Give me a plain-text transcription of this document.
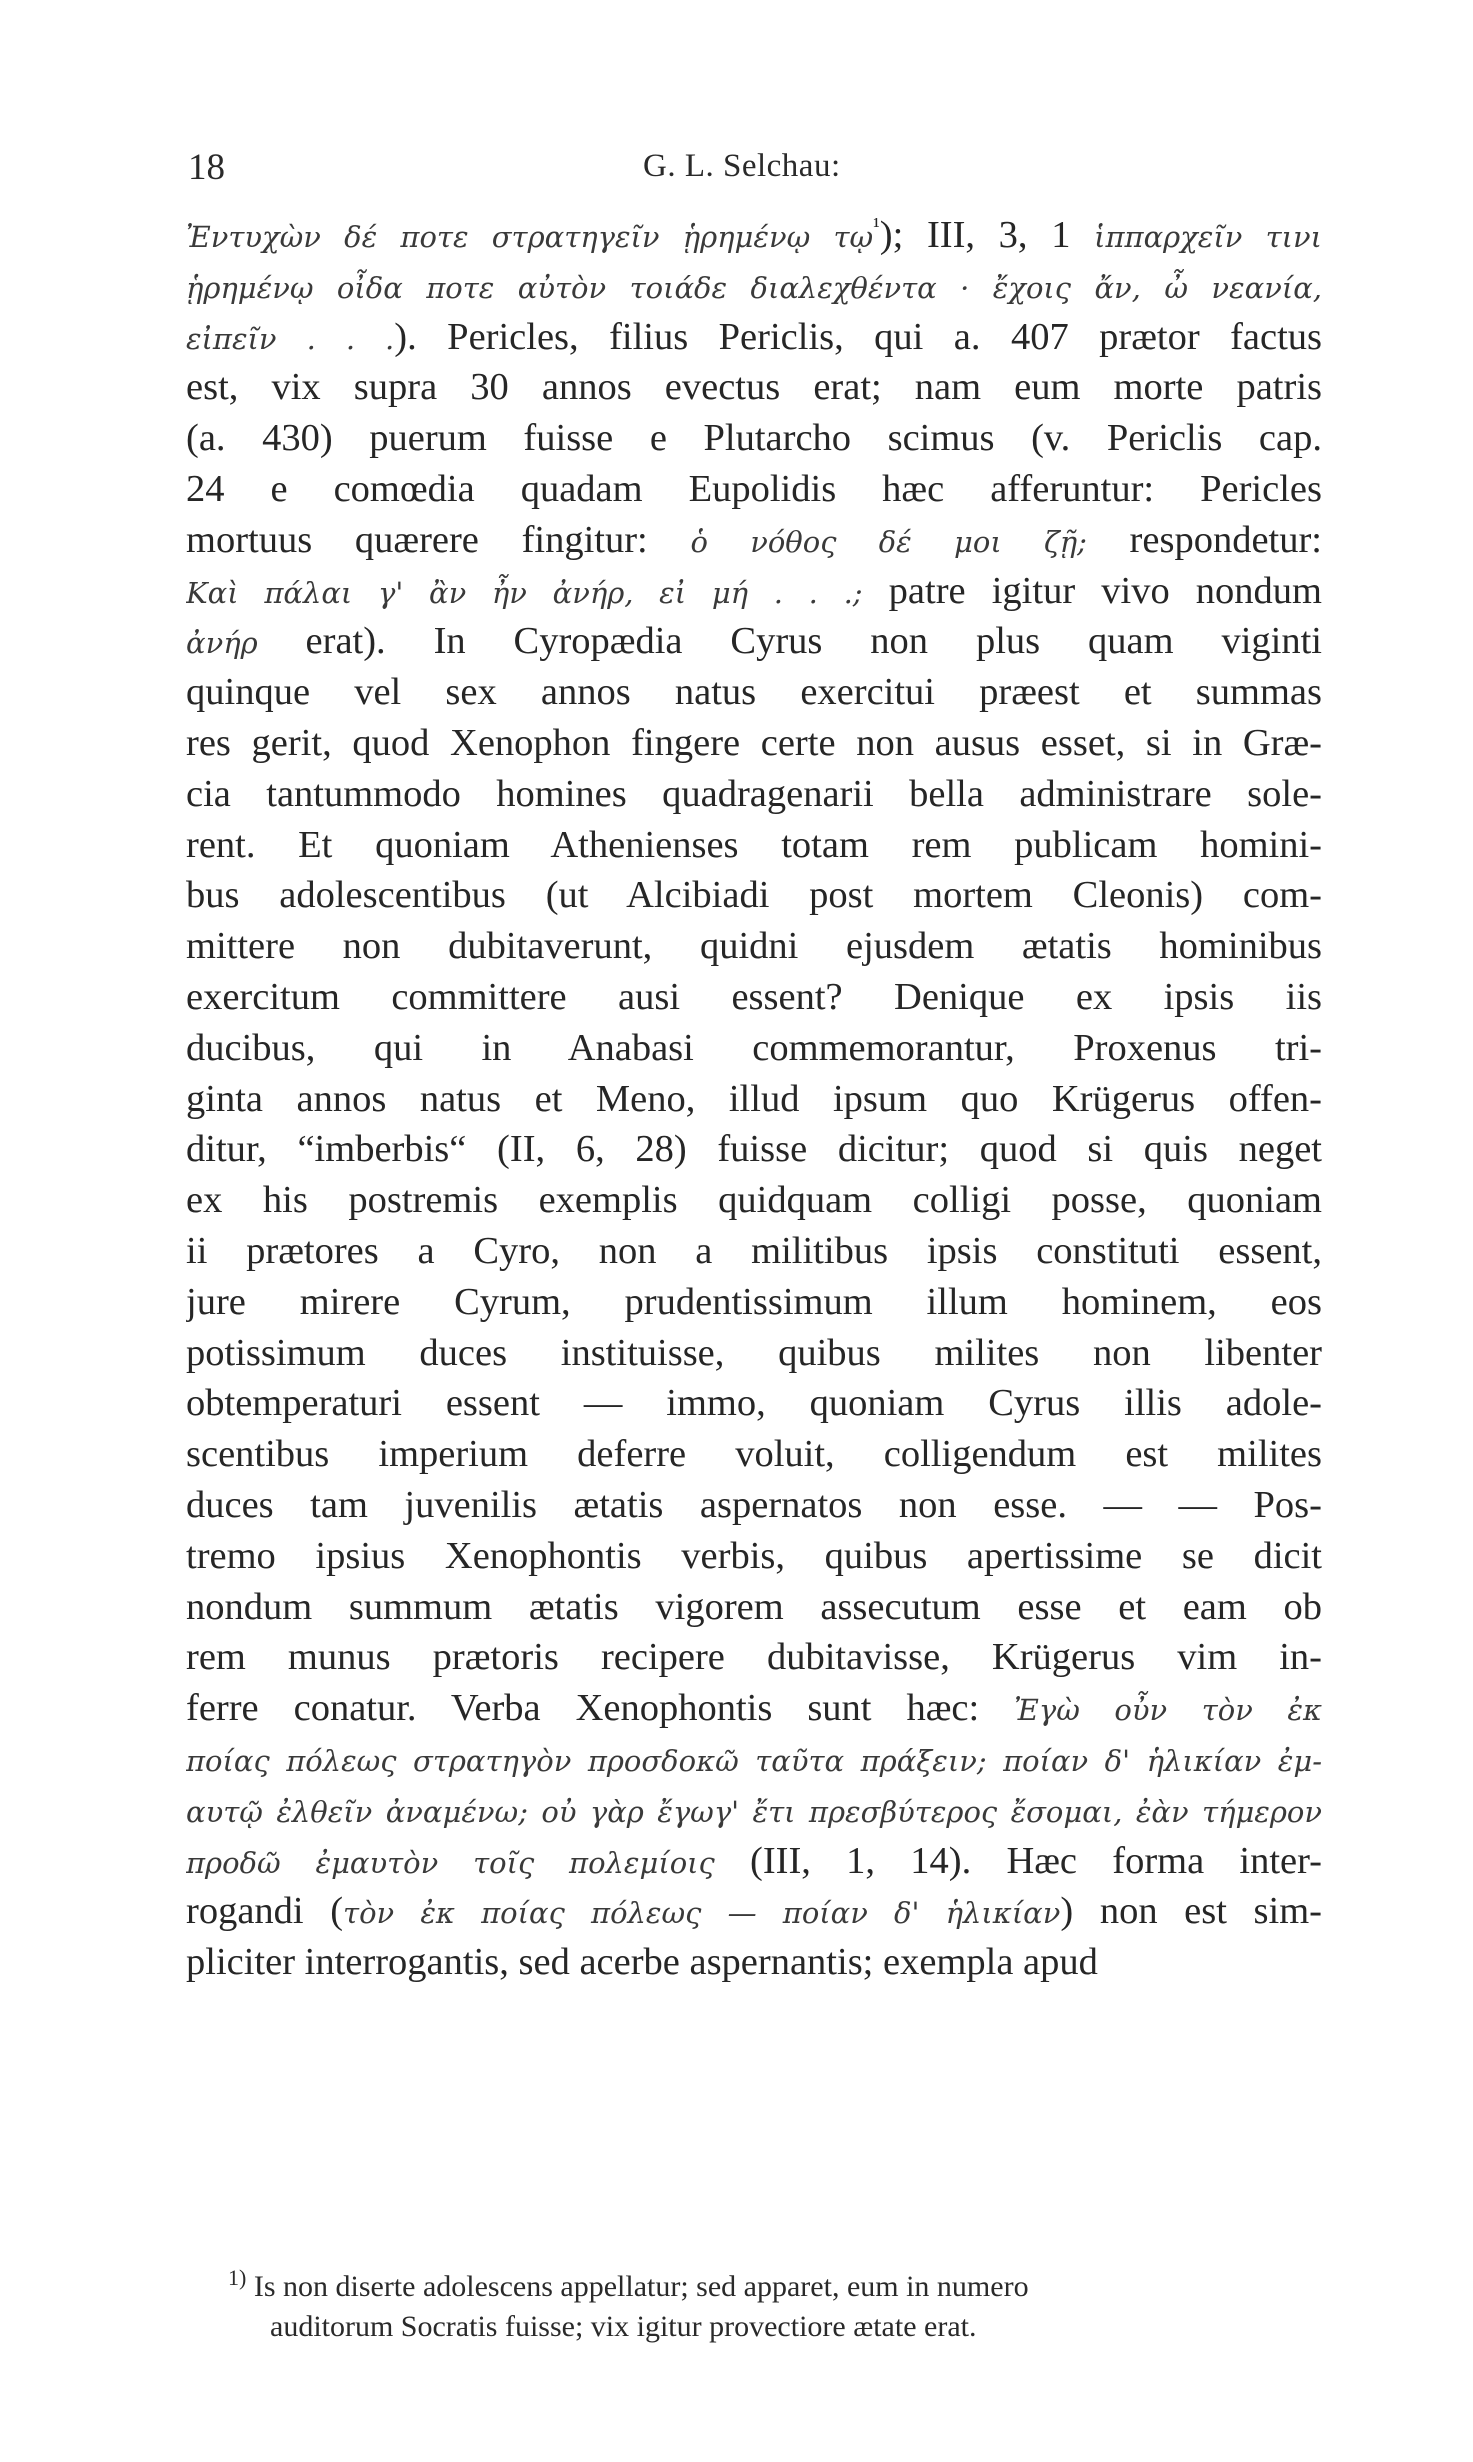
18	G. L. Selchau:
Ἐντυχὼν δέ ποτε στρατηγεῖν ᾑρημένῳ τῳ$^{^1}$); III, 3, 1 ἱππαρχεῖν τινι
ᾑρημένῳ οἶδα ποτε αὐτὸν τοιάδε διαλεχθέντα · ἔχοις ἄν, ὦ νεανία,
εἰπεῖν . . .). Pericles, filius Periclis, qui a. 407 prætor factus
est, vix supra 30 annos evectus erat; nam eum morte patris
(a. 430) puerum fuisse e Plutarcho scimus (v. Periclis cap.
24 e comœdia quadam Eupolidis hæc afferuntur: Pericles
mortuus quærere fingitur: ὁ νόθος δέ μοι ζῇ; respondetur:
Καὶ πάλαι γ' ἂν ἦν ἀνήρ, εἰ μή . . .; patre igitur vivo nondum
ἀνήρ erat). In Cyropædia Cyrus non plus quam viginti
quinque vel sex annos natus exercitui præest et summas
res gerit, quod Xenophon fingere certe non ausus esset, si in Græ-
cia tantummodo homines quadragenarii bella administrare sole-
rent. Et quoniam Athenienses totam rem publicam homini-
bus adolescentibus (ut Alcibiadi post mortem Cleonis) com-
mittere non dubitaverunt, quidni ejusdem ætatis hominibus
exercitum committere ausi essent? Denique ex ipsis iis
ducibus, qui in Anabasi commemorantur, Proxenus tri-
ginta annos natus et Meno, illud ipsum quo Krügerus offen-
ditur, “imberbis“ (II, 6, 28) fuisse dicitur; quod si quis neget
ex his postremis exemplis quidquam colligi posse, quoniam
ii prætores a Cyro, non a militibus ipsis constituti essent,
jure mirere Cyrum, prudentissimum illum hominem, eos
potissimum duces instituisse, quibus milites non libenter
obtemperaturi essent — immo, quoniam Cyrus illis adole-
scentibus imperium deferre voluit, colligendum est milites
duces tam juvenilis ætatis aspernatos non esse. — — Pos-
tremo ipsius Xenophontis verbis, quibus apertissime se dicit
nondum summum ætatis vigorem assecutum esse et eam ob
rem munus prætoris recipere dubitavisse, Krügerus vim in-
ferre conatur. Verba Xenophontis sunt hæc: Ἐγὼ οὖν τὸν ἐκ
ποίας πόλεως στρατηγὸν προσδοκῶ ταῦτα πράξειν; ποίαν δ' ἡλικίαν ἐμ-
αυτῷ ἐλθεῖν ἀναμένω; οὐ γὰρ ἔγωγ' ἔτι πρεσβύτερος ἔσομαι, ἐὰν τήμερον
προδῶ ἐμαυτὸν τοῖς πολεμίοις (III, 1, 14). Hæc forma inter-
rogandi (τὸν ἐκ ποίας πόλεως — ποίαν δ' ἡλικίαν) non est sim-
pliciter interrogantis, sed acerbe aspernantis; exempla apud
$^{1)}$ Is non diserte adolescens appellatur; sed apparet, eum in numero
auditorum Socratis fuisse; vix igitur provectiore ætate erat.
